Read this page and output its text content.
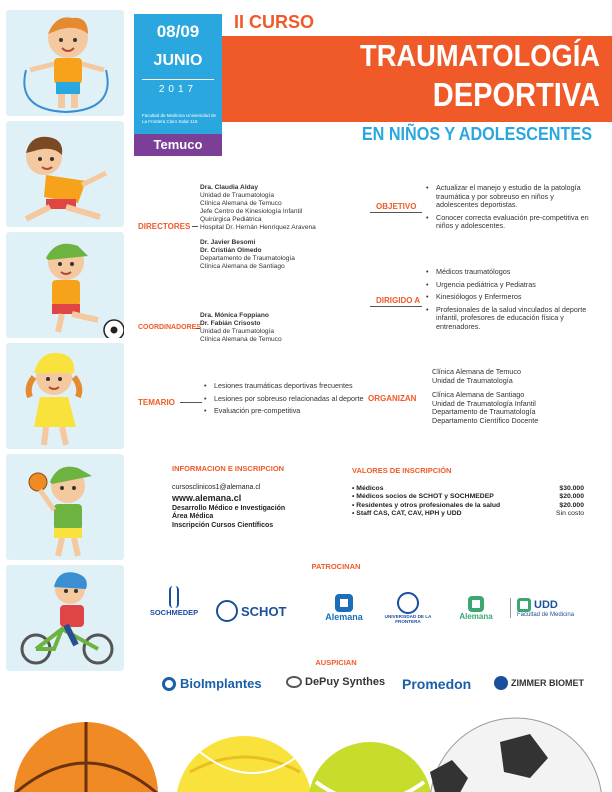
08/09
JUNIO
2017
Facultad de Medicina Universidad de La Frontera Claro Solar 115
Temuco
II CURSO
TRAUMATOLOGÍA
DEPORTIVA
EN NIÑOS Y ADOLESCENTES
DIRECTORES
Dra. Claudia Alday
Unidad de Traumatología
Clínica Alemana de Temuco
Jefe Centro de Kinesiología Infantil
Quirúrgica Pediátrica
Hospital Dr. Hernán Henríquez Aravena
Dr. Javier Besomi
Dr. Cristián Olmedo
Departamento de Traumatología
Clínica Alemana de Santiago
COORDINADORES
Dra. Mónica Foppiano
Dr. Fabián Crisosto
Unidad de Traumatología
Clínica Alemana de Temuco
TEMARIO
• Lesiones traumáticas deportivas frecuentes
• Lesiones por sobreuso relacionadas al deporte
• Evaluación pre-competitiva
OBJETIVO
• Actualizar el manejo y estudio de la patología traumática y por sobreuso en niños y adolescentes deportistas.
• Conocer correcta evaluación pre-competitiva en niños y adolescentes.
DIRIGIDO A
• Médicos traumatólogos
• Urgencia pediátrica y Pediatras
• Kinesiólogos y Enfermeros
• Profesionales de la salud vinculados al deporte infantil, profesores de educación física y entrenadores.
ORGANIZAN
Clínica Alemana de Temuco
Unidad de Traumatología
Clínica Alemana de Santiago
Unidad de Traumatología Infantil
Departamento de Traumatología
Departamento Científico Docente
INFORMACION E INSCRIPCION
cursosclinicos1@alemana.cl
www.alemana.cl
Desarrollo Médico e Investigación
Área Médica
Inscripción Cursos Científicos
VALORES DE INSCRIPCIÓN
• Médicos	$30.000
• Médicos socios de SCHOT y SOCHMEDEP	$20.000
• Residentes y otros profesionales de la salud	$20.000
• Staff CAS, CAT, CAV, HPH y UDD	Sin costo
PATROCINAN
SOCHMEDEP	SCHOT	Alemana	UNIVERSIDAD DE LA FRONTERA
Alemana
UDD
Facultad de Medicina
AUSPICIAN
BioImplantes	DePuy Synthes Promedon	ZIMMER BIOMET
